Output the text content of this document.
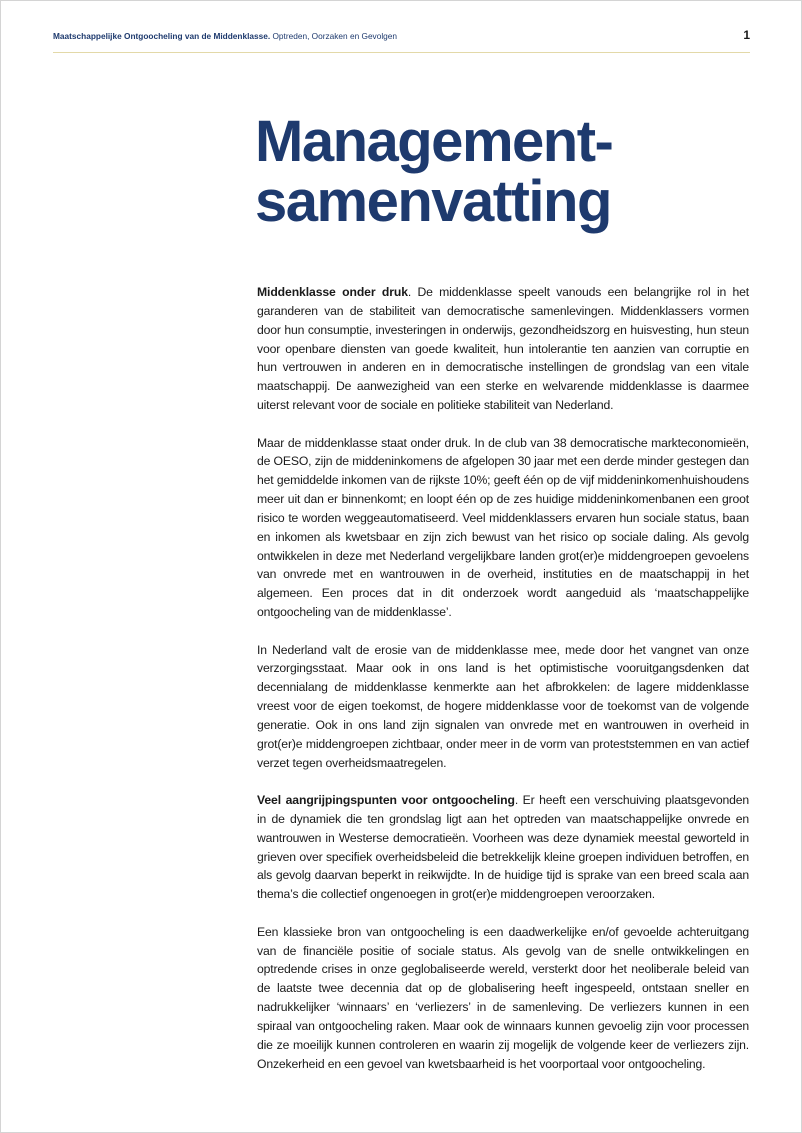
Maatschappelijke Ontgoocheling van de Middenklasse. Optreden, Oorzaken en Gevolgen	1
Management-
samenvatting

Middenklasse onder druk. De middenklasse speelt vanouds een belangrijke rol in het garanderen van de stabiliteit van democratische samenlevingen. Middenklassers vormen door hun consumptie, investeringen in onderwijs, gezondheidszorg en huisvesting, hun steun voor openbare diensten van goede kwaliteit, hun intolerantie ten aanzien van corruptie en hun vertrouwen in anderen en in democratische instellingen de grondslag van een vitale maatschappij. De aanwezigheid van een sterke en welvarende middenklasse is daarmee uiterst relevant voor de sociale en politieke stabiliteit van Nederland.

Maar de middenklasse staat onder druk. In de club van 38 democratische markteconomieën, de OESO, zijn de middeninkomens de afgelopen 30 jaar met een derde minder gestegen dan het gemiddelde inkomen van de rijkste 10%; geeft één op de vijf middeninkomenhuishoudens meer uit dan er binnenkomt; en loopt één op de zes huidige middeninkomenbanen een groot risico te worden weggeautomatiseerd. Veel middenklassers ervaren hun sociale status, baan en inkomen als kwetsbaar en zijn zich bewust van het risico op sociale daling. Als gevolg ontwikkelen in deze met Nederland vergelijkbare landen grot(er)e middengroepen gevoelens van onvrede met en wantrouwen in de overheid, instituties en de maatschappij in het algemeen. Een proces dat in dit onderzoek wordt aangeduid als ‘maatschappelijke ontgoocheling van de middenklasse’.

In Nederland valt de erosie van de middenklasse mee, mede door het vangnet van onze verzorgingsstaat. Maar ook in ons land is het optimistische vooruitgangsdenken dat decennialang de middenklasse kenmerkte aan het afbrokkelen: de lagere middenklasse vreest voor de eigen toekomst, de hogere middenklasse voor de toekomst van de volgende generatie. Ook in ons land zijn signalen van onvrede met en wantrouwen in overheid in grot(er)e middengroepen zichtbaar, onder meer in de vorm van proteststemmen en van actief verzet tegen overheidsmaatregelen.

Veel aangrijpingspunten voor ontgoocheling. Er heeft een verschuiving plaatsgevonden in de dynamiek die ten grondslag ligt aan het optreden van maatschappelijke onvrede en wantrouwen in Westerse democratieën. Voorheen was deze dynamiek meestal geworteld in grieven over specifiek overheidsbeleid die betrekkelijk kleine groepen individuen betroffen, en als gevolg daarvan beperkt in reikwijdte. In de huidige tijd is sprake van een breed scala aan thema’s die collectief ongenoegen in grot(er)e middengroepen veroorzaken.

Een klassieke bron van ontgoocheling is een daadwerkelijke en/of gevoelde achteruitgang van de financiële positie of sociale status. Als gevolg van de snelle ontwikkelingen en optredende crises in onze geglobaliseerde wereld, versterkt door het neoliberale beleid van de laatste twee decennia dat op de globalisering heeft ingespeeld, ontstaan sneller en nadrukkelijker ‘winnaars’ en ‘verliezers’ in de samenleving. De verliezers kunnen in een spiraal van ontgoocheling raken. Maar ook de winnaars kunnen gevoelig zijn voor processen die ze moeilijk kunnen controleren en waarin zij mogelijk de volgende keer de verliezers zijn. Onzekerheid en een gevoel van kwetsbaarheid is het voorportaal voor ontgoocheling.
